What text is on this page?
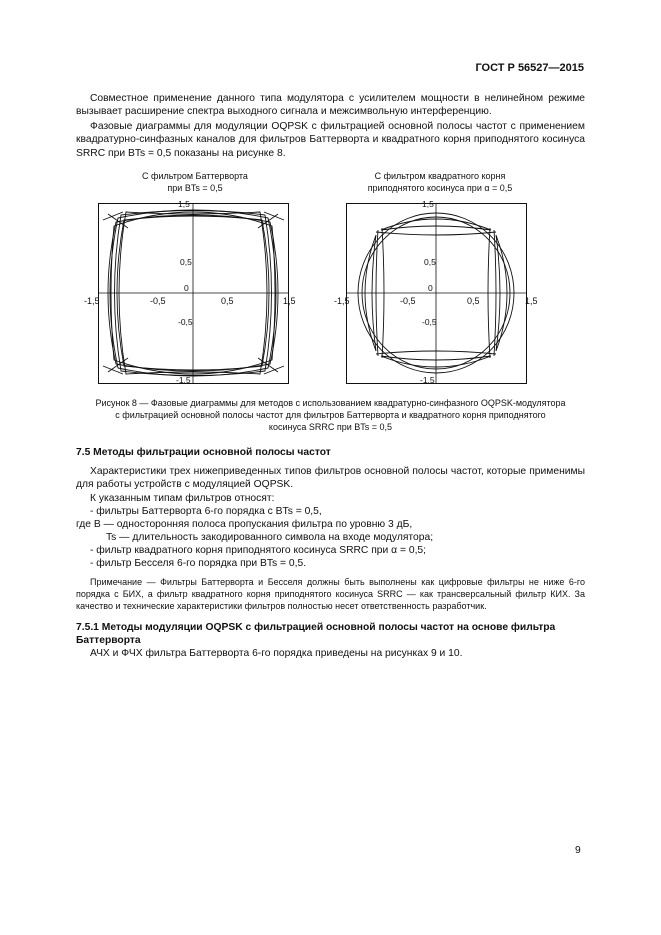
ГОСТ Р 56527—2015
Совместное применение данного типа модулятора с усилителем мощности в нелинейном режиме вызывает расширение спектра выходного сигнала и межсимвольную интерференцию.
Фазовые диаграммы для модуляции OQPSK с фильтрацией основной полосы частот с применением квадратурно-синфазных каналов для фильтров Баттерворта и квадратного корня приподнятого косинуса SRRC при BTs = 0,5 показаны на рисунке 8.
С фильтром Баттерворта
при BTs = 0,5
С фильтром квадратного корня
приподнятого косинуса при α = 0,5
1,5
0,5
0
-0,5
-1,5
-1,5	-0,5	0,5	1,5
1,5
0,5
0
-0,5
-1,5
-1,5	-0,5	0,5	1,5
Рисунок 8 — Фазовые диаграммы для методов с использованием квадратурно-синфазного OQPSK-модулятора
с фильтрацией основной полосы частот для фильтров Баттерворта и квадратного корня приподнятого
косинуса SRRC при BTs = 0,5
7.5 Методы фильтрации основной полосы частот
Характеристики трех нижеприведенных типов фильтров основной полосы частот, которые применимы для работы устройств с модуляцией OQPSK.
К указанным типам фильтров относят:
- фильтры Баттерворта 6-го порядка с BTs = 0,5,
где B — односторонняя полоса пропускания фильтра по уровню 3 дБ,
Ts — длительность закодированного символа на входе модулятора;
- фильтр квадратного корня приподнятого косинуса SRRC при α = 0,5;
- фильтр Бесселя 6-го порядка при BTs = 0,5.
Примечание — Фильтры Баттерворта и Бесселя должны быть выполнены как цифровые фильтры не ниже 6-го порядка с БИХ, а фильтр квадратного корня приподнятого косинуса SRRC — как трансверсальный фильтр КИХ. За качество и технические характеристики фильтров полностью несет ответственность разработчик.
7.5.1 Методы модуляции OQPSK с фильтрацией основной полосы частот на основе фильтра Баттерворта
АЧХ и ФЧХ фильтра Баттерворта 6-го порядка приведены на рисунках 9 и 10.
9
